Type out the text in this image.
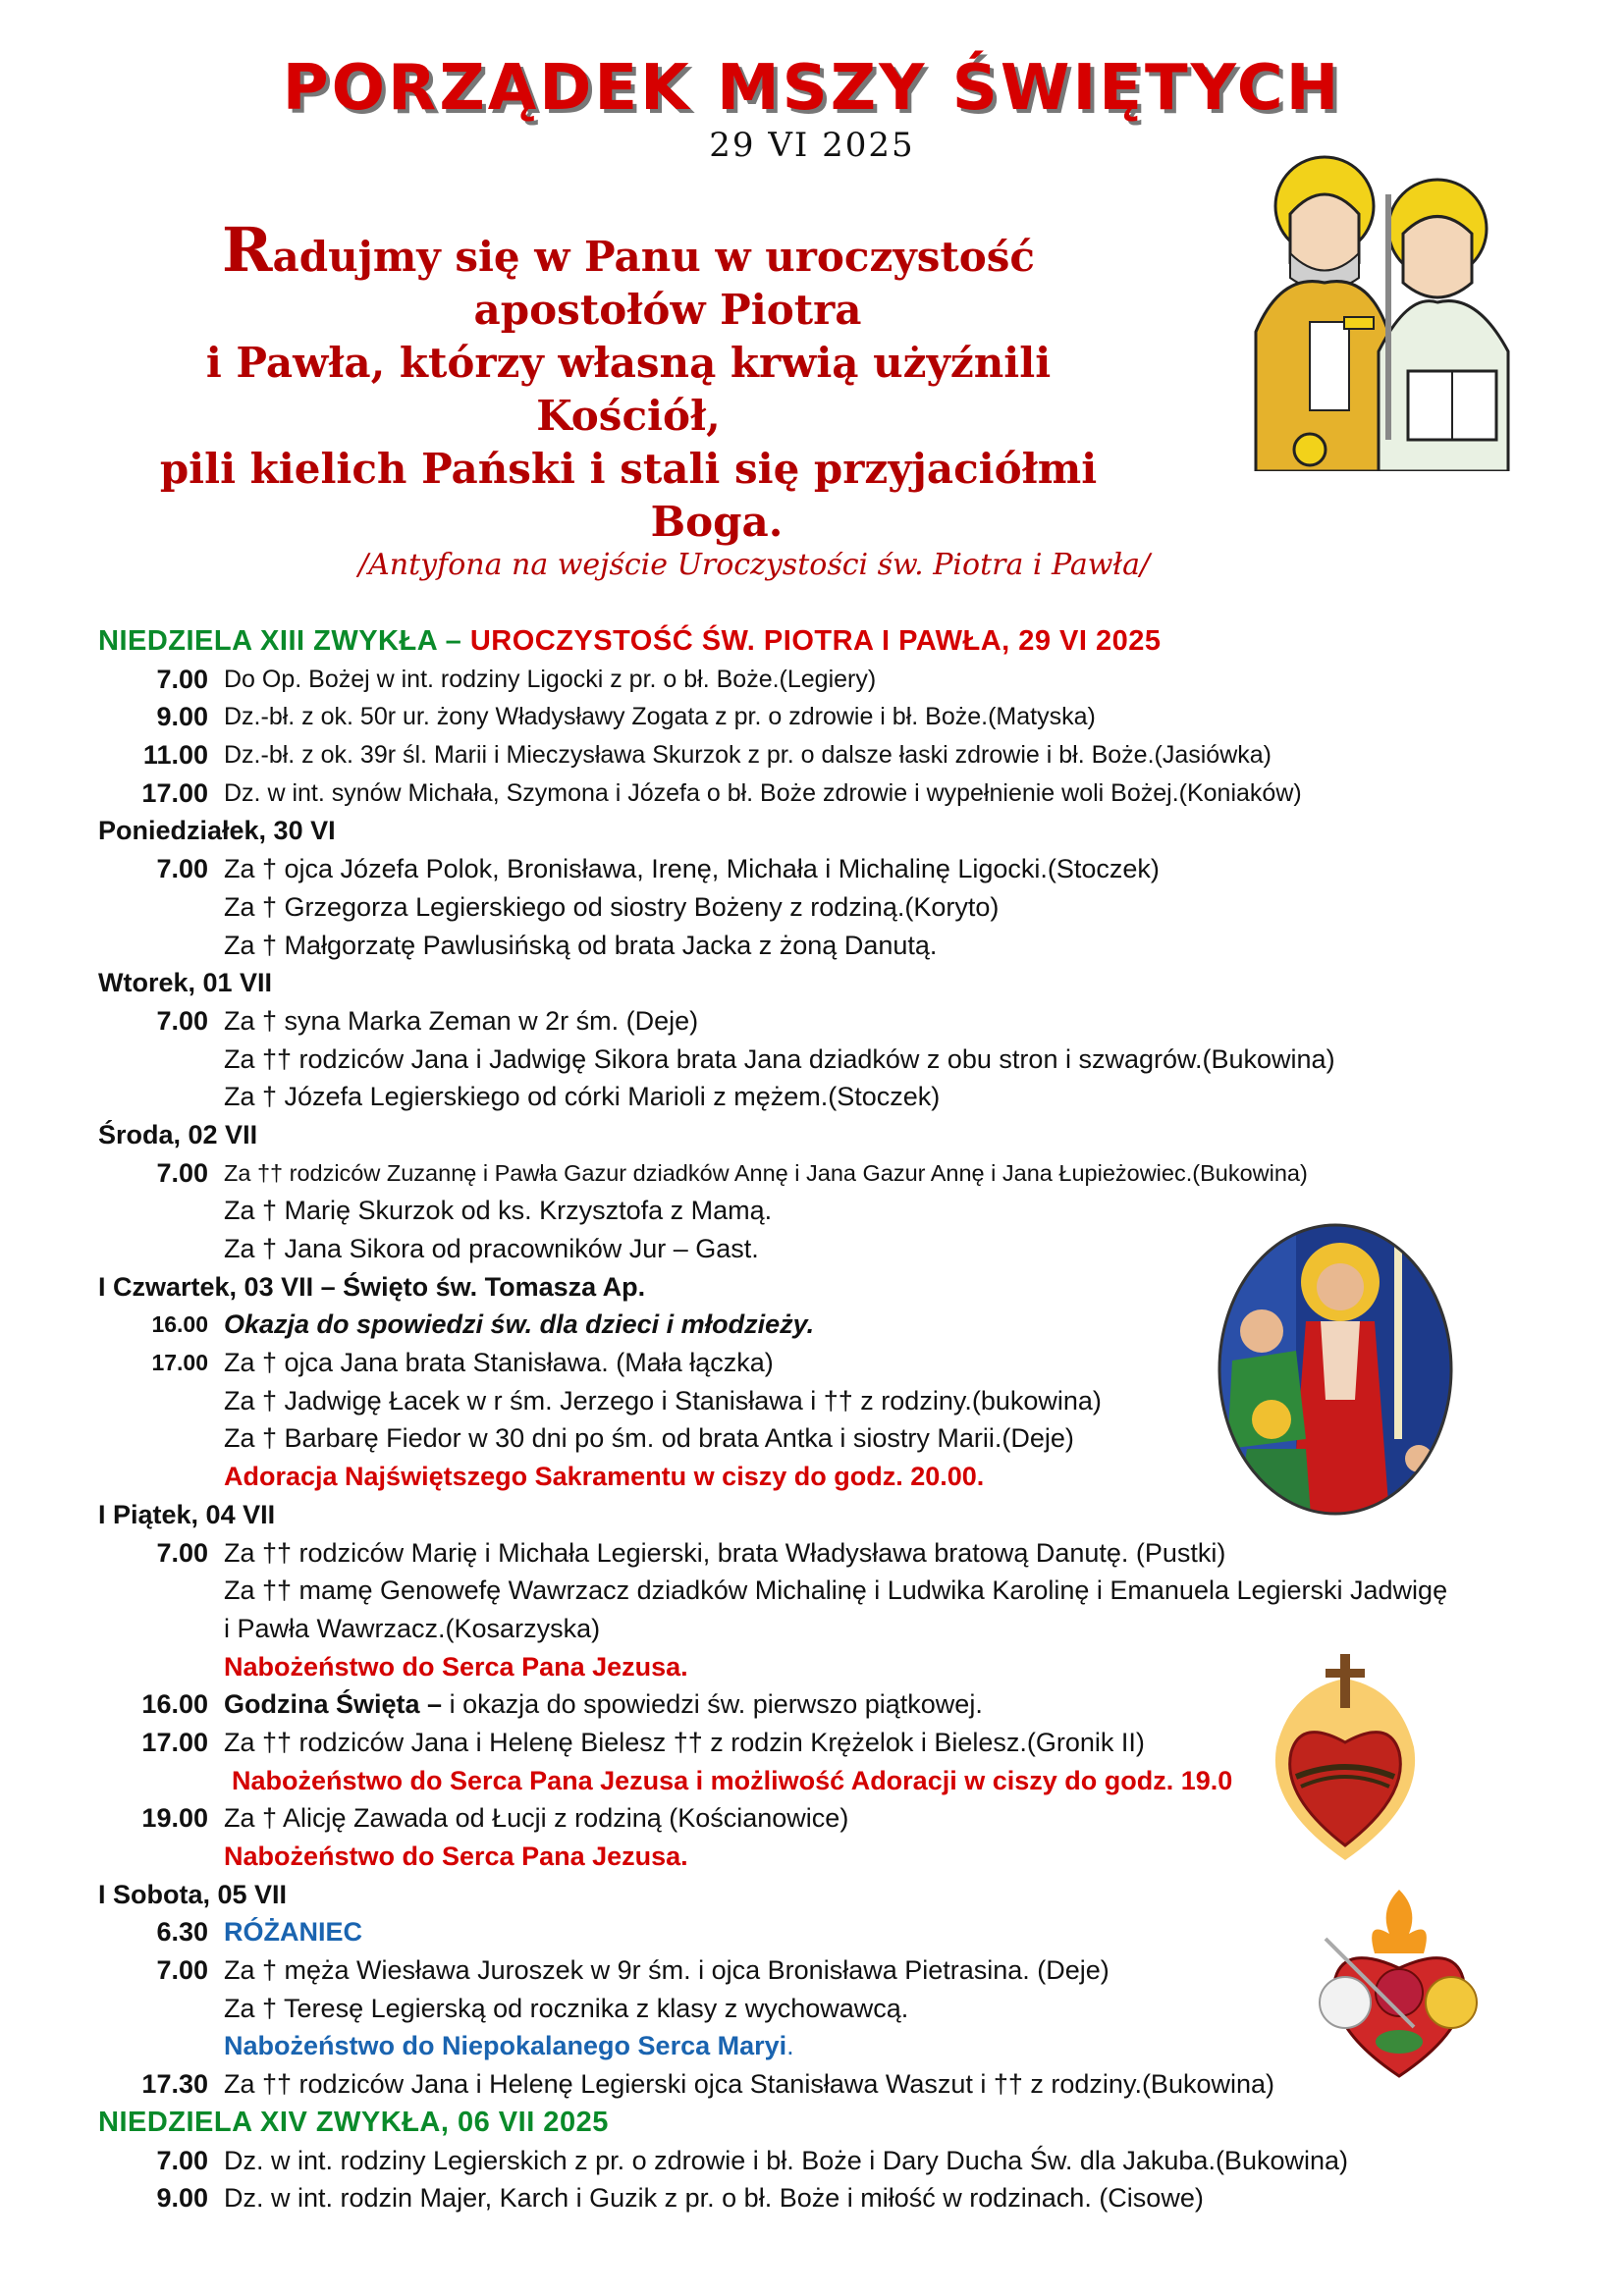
PORZĄDEK MSZY ŚWIĘTYCH
29 VI 2025
Radujmy się w Panu w uroczystość
apostołów Piotra
i Pawła, którzy własną krwią użyźnili
Kościół,
pili kielich Pański i stali się przyjaciółmi
Boga.
/Antyfona na wejście Uroczystości św. Piotra i Pawła/
NIEDZIELA XIII ZWYKŁA – UROCZYSTOŚĆ ŚW. PIOTRA I PAWŁA, 29 VI 2025
7.00 Do Op. Bożej w int. rodziny Ligocki z pr. o bł. Boże.(Legiery)
9.00 Dz.-bł. z ok. 50r ur. żony Władysławy Zogata z pr. o zdrowie i bł. Boże.(Matyska)
11.00 Dz.-bł. z ok. 39r śl. Marii i Mieczysława Skurzok z pr. o dalsze łaski zdrowie i bł. Boże.(Jasiówka)
17.00 Dz. w int. synów Michała, Szymona i Józefa o bł. Boże zdrowie i wypełnienie woli Bożej.(Koniaków)
Poniedziałek, 30 VI
7.00 Za † ojca Józefa Polok, Bronisława, Irenę, Michała i Michalinę Ligocki.(Stoczek)
Za † Grzegorza Legierskiego od siostry Bożeny z rodziną.(Koryto)
Za † Małgorzatę Pawlusińską od brata Jacka z żoną Danutą.
Wtorek, 01 VII
7.00 Za † syna Marka Zeman w 2r śm. (Deje)
Za †† rodziców Jana i Jadwigę Sikora brata Jana dziadków z obu stron i szwagrów.(Bukowina)
Za † Józefa Legierskiego od córki Marioli z mężem.(Stoczek)
Środa, 02 VII
7.00 Za †† rodziców Zuzannę i Pawła Gazur dziadków Annę i Jana Gazur Annę i Jana Łupieżowiec.(Bukowina)
Za † Marię Skurzok od ks. Krzysztofa z Mamą.
Za † Jana Sikora od pracowników Jur – Gast.
I Czwartek, 03 VII – Święto św. Tomasza Ap.
16.00 Okazja do spowiedzi św. dla dzieci i młodzieży.
17.00 Za † ojca Jana brata Stanisława. (Mała łączka)
Za † Jadwigę Łacek w r śm. Jerzego i Stanisława i †† z rodziny.(bukowina)
Za † Barbarę Fiedor w 30 dni po śm. od brata Antka i siostry Marii.(Deje)
Adoracja Najświętszego Sakramentu w ciszy do godz. 20.00.
I Piątek, 04 VII
7.00 Za †† rodziców Marię i Michała Legierski, brata Władysława bratową Danutę. (Pustki)
Za †† mamę Genowefę Wawrzacz dziadków Michalinę i Ludwika Karolinę i Emanuela Legierski Jadwigę
i Pawła Wawrzacz.(Kosarzyska)
Nabożeństwo do Serca Pana Jezusa.
16.00 Godzina Święta – i okazja do spowiedzi św. pierwszo piątkowej.
17.00 Za †† rodziców Jana i Helenę Bielesz †† z rodzin Krężelok i Bielesz.(Gronik II)
Nabożeństwo do Serca Pana Jezusa i możliwość Adoracji w ciszy do godz. 19.0
19.00 Za † Alicję Zawada od Łucji z rodziną (Kościanowice)
Nabożeństwo do Serca Pana Jezusa.
I Sobota, 05 VII
6.30 RÓŻANIEC
7.00 Za † męża Wiesława Juroszek w 9r śm. i ojca Bronisława Pietrasina. (Deje)
Za † Teresę Legierską od rocznika z klasy z wychowawcą.
Nabożeństwo do Niepokalanego Serca Maryi.
17.30 Za †† rodziców Jana i Helenę Legierski ojca Stanisława Waszut i †† z rodziny.(Bukowina)
NIEDZIELA XIV ZWYKŁA, 06 VII 2025
7.00 Dz. w int. rodziny Legierskich z pr. o zdrowie i bł. Boże i Dary Ducha Św. dla Jakuba.(Bukowina)
9.00 Dz. w int. rodzin Majer, Karch i Guzik z pr. o bł. Boże i miłość w rodzinach. (Cisowe)
